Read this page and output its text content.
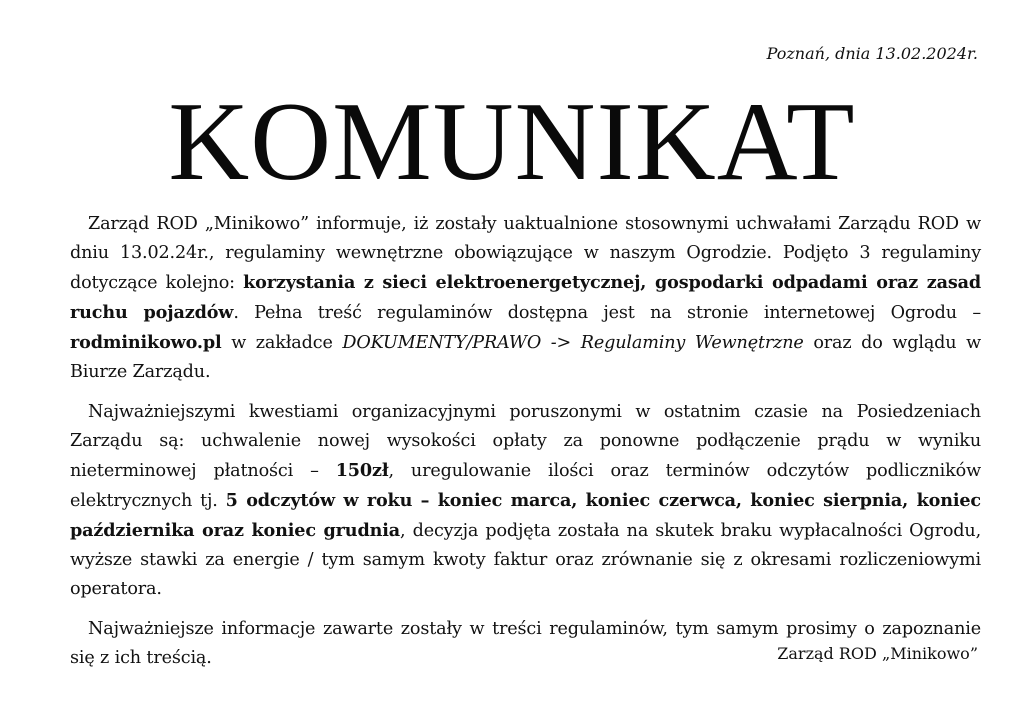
Poznań, dnia 13.02.2024r.
KOMUNIKAT

Zarząd ROD „Minikowo” informuje, iż zostały uaktualnione stosownymi uchwałami Zarządu ROD w dniu 13.02.24r., regulaminy wewnętrzne obowiązujące w naszym Ogrodzie. Podjęto 3 regulaminy dotyczące kolejno: korzystania z sieci elektroenergetycznej, gospodarki odpadami oraz zasad ruchu pojazdów. Pełna treść regulaminów dostępna jest na stronie internetowej Ogrodu – rodminikowo.pl w zakładce DOKUMENTY/PRAWO -> Regulaminy Wewnętrzne oraz do wglądu w Biurze Zarządu.

Najważniejszymi kwestiami organizacyjnymi poruszonymi w ostatnim czasie na Posiedzeniach Zarządu są: uchwalenie nowej wysokości opłaty za ponowne podłączenie prądu w wyniku nieterminowej płatności – 150zł, uregulowanie ilości oraz terminów odczytów podliczników elektrycznych tj. 5 odczytów w roku – koniec marca, koniec czerwca, koniec sierpnia, koniec października oraz koniec grudnia, decyzja podjęta została na skutek braku wypłacalności Ogrodu, wyższe stawki za energie / tym samym kwoty faktur oraz zrównanie się z okresami rozliczeniowymi operatora.

Najważniejsze informacje zawarte zostały w treści regulaminów, tym samym prosimy o zapoznanie się z ich treścią.	Zarząd ROD „Minikowo”
